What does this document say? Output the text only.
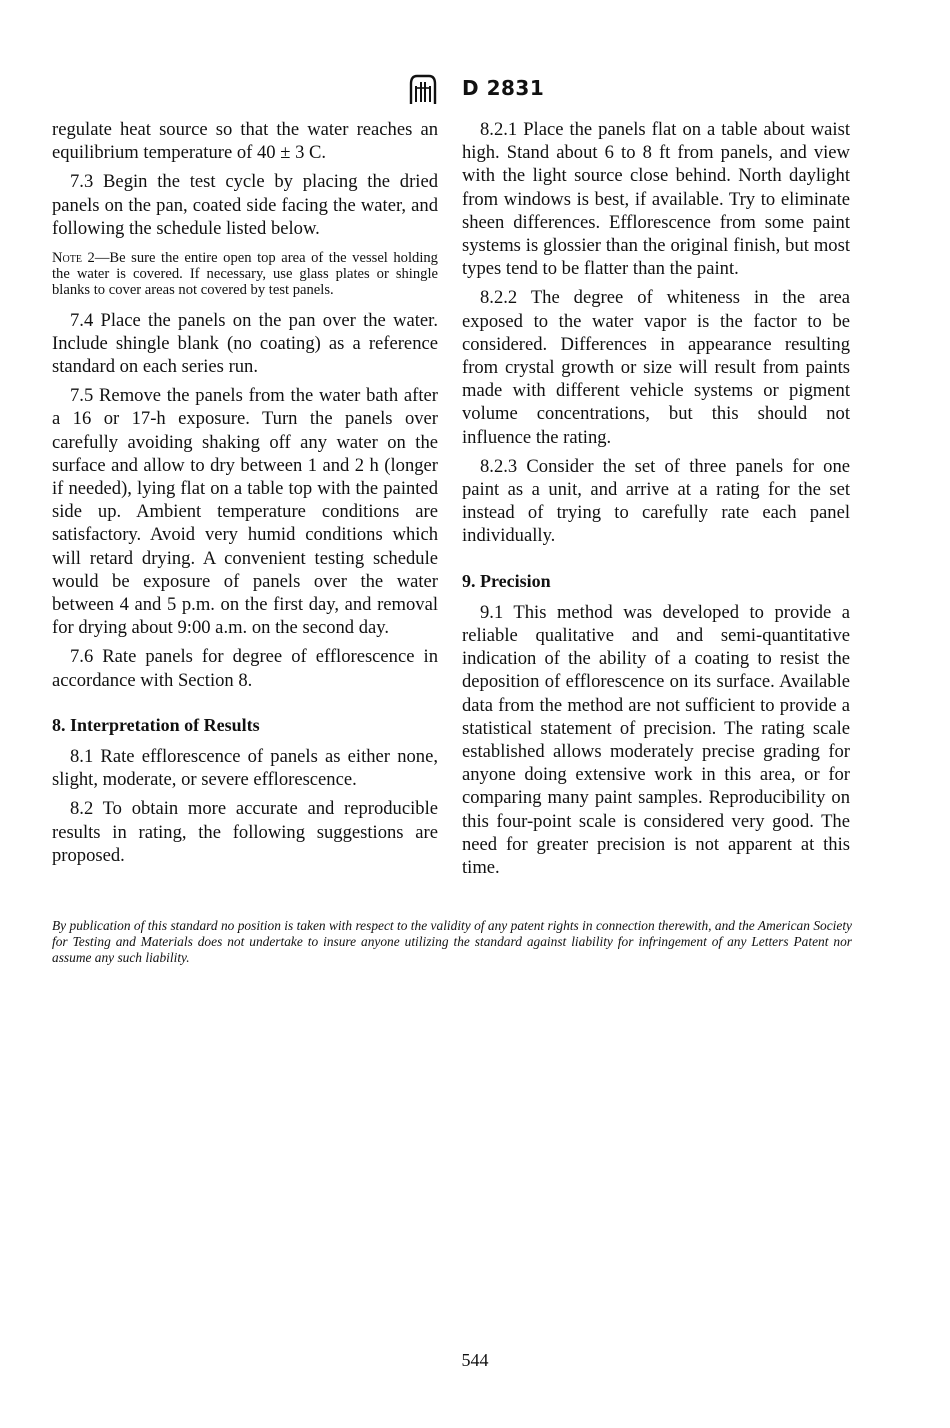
D 2831

regulate heat source so that the water reaches an equilibrium temperature of 40 ± 3 C.

7.3 Begin the test cycle by placing the dried panels on the pan, coated side facing the water, and following the schedule listed below.

Note 2—Be sure the entire open top area of the vessel holding the water is covered. If necessary, use glass plates or shingle blanks to cover areas not covered by test panels.

7.4 Place the panels on the pan over the water. Include shingle blank (no coating) as a reference standard on each series run.

7.5 Remove the panels from the water bath after a 16 or 17-h exposure. Turn the panels over carefully avoiding shaking off any water on the surface and allow to dry between 1 and 2 h (longer if needed), lying flat on a table top with the painted side up. Ambient temperature conditions are satisfactory. Avoid very humid conditions which will retard drying. A convenient testing schedule would be exposure of panels over the water between 4 and 5 p.m. on the first day, and removal for drying about 9:00 a.m. on the second day.

7.6 Rate panels for degree of efflorescence in accordance with Section 8.

8. Interpretation of Results

8.1 Rate efflorescence of panels as either none, slight, moderate, or severe efflorescence.

8.2 To obtain more accurate and reproducible results in rating, the following suggestions are proposed.

8.2.1 Place the panels flat on a table about waist high. Stand about 6 to 8 ft from panels, and view with the light source close behind. North daylight from windows is best, if available. Try to eliminate sheen differences. Efflorescence from some paint systems is glossier than the original finish, but most types tend to be flatter than the paint.

8.2.2 The degree of whiteness in the area exposed to the water vapor is the factor to be considered. Differences in appearance resulting from crystal growth or size will result from paints made with different vehicle systems or pigment volume concentrations, but this should not influence the rating.

8.2.3 Consider the set of three panels for one paint as a unit, and arrive at a rating for the set instead of trying to carefully rate each panel individually.

9. Precision

9.1 This method was developed to provide a reliable qualitative and and semi-quantitative indication of the ability of a coating to resist the deposition of efflorescence on its surface. Available data from the method are not sufficient to provide a statistical statement of precision. The rating scale established allows moderately precise grading for anyone doing extensive work in this area, or for comparing many paint samples. Reproducibility on this four-point scale is considered very good. The need for greater precision is not apparent at this time.

By publication of this standard no position is taken with respect to the validity of any patent rights in connection therewith, and the American Society for Testing and Materials does not undertake to insure anyone utilizing the standard against liability for infringement of any Letters Patent nor assume any such liability.
544
